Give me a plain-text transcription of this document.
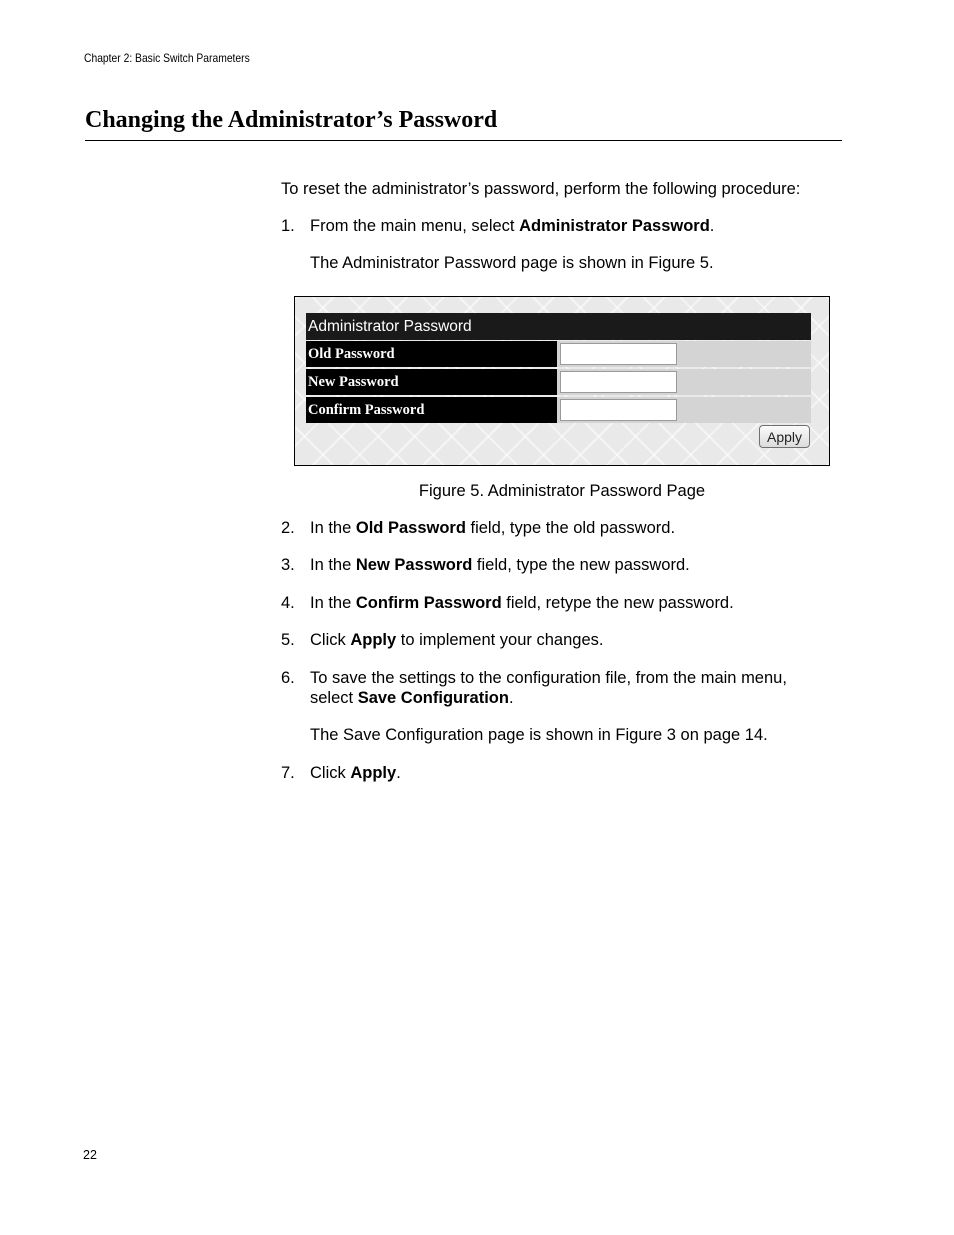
Chapter 2: Basic Switch Parameters
Changing the Administrator’s Password
To reset the administrator’s password, perform the following procedure:
1. From the main menu, select Administrator Password.
The Administrator Password page is shown in Figure 5.
Administrator Password
Old Password
New Password
Confirm Password
Apply
Figure 5. Administrator Password Page
2. In the Old Password field, type the old password.
3. In the New Password field, type the new password.
4. In the Confirm Password field, retype the new password.
5. Click Apply to implement your changes.
6. To save the settings to the configuration file, from the main menu,
select Save Configuration.
The Save Configuration page is shown in Figure 3 on page 14.
7. Click Apply.
22
